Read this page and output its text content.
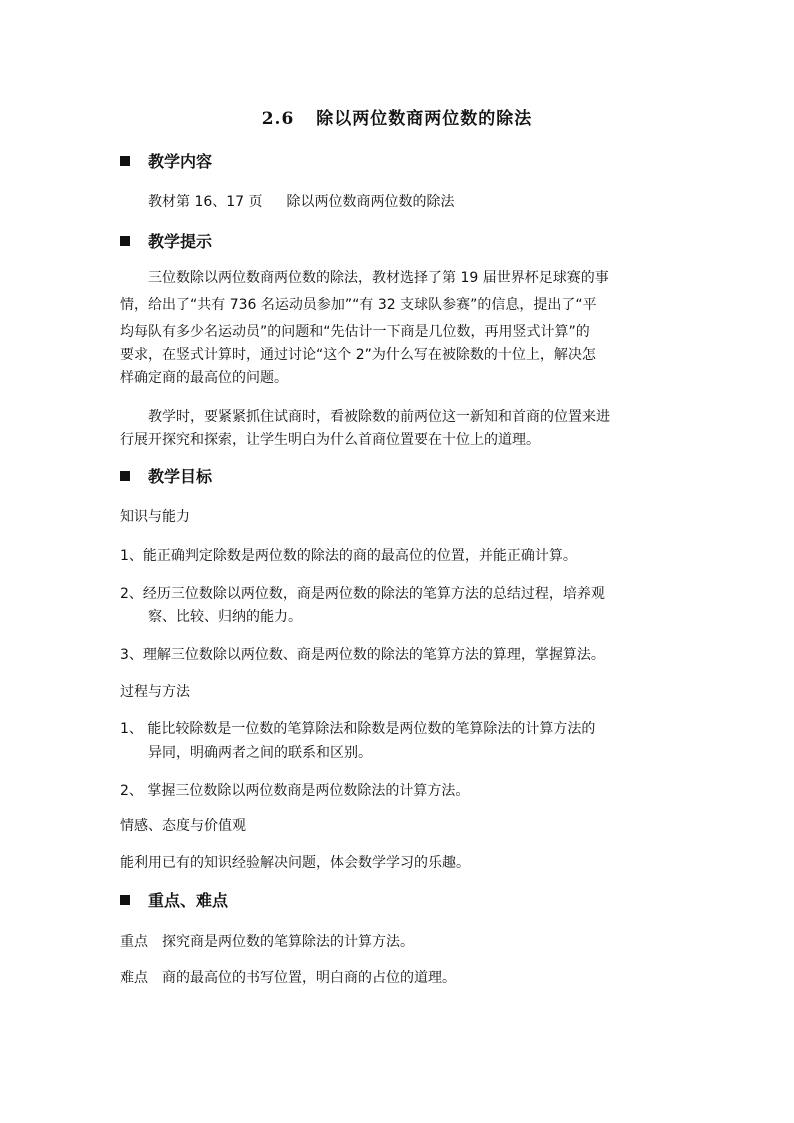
2.6 除以两位数商两位数的除法
教学内容
教材第 16、17 页 除以两位数商两位数的除法
教学提示
三位数除以两位数商两位数的除法，教材选择了第 19 届世界杯足球赛的事
情，给出了“共有 736 名运动员参加”“有 32 支球队参赛”的信息，提出了“平
均每队有多少名运动员”的问题和“先估计一下商是几位数，再用竖式计算”的
要求，在竖式计算时，通过讨论“这个 2”为什么写在被除数的十位上，解决怎
样确定商的最高位的问题。
教学时，要紧紧抓住试商时，看被除数的前两位这一新知和首商的位置来进
行展开探究和探索，让学生明白为什么首商位置要在十位上的道理。
教学目标
知识与能力
1、能正确判定除数是两位数的除法的商的最高位的位置，并能正确计算。
2、经历三位数除以两位数，商是两位数的除法的笔算方法的总结过程，培养观
察、比较、归纳的能力。
3、理解三位数除以两位数、商是两位数的除法的笔算方法的算理，掌握算法。
过程与方法
1、 能比较除数是一位数的笔算除法和除数是两位数的笔算除法的计算方法的
异同，明确两者之间的联系和区别。
2、 掌握三位数除以两位数商是两位数除法的计算方法。
情感、态度与价值观
能利用已有的知识经验解决问题，体会数学学习的乐趣。
重点、难点
重点 探究商是两位数的笔算除法的计算方法。
难点 商的最高位的书写位置，明白商的占位的道理。
